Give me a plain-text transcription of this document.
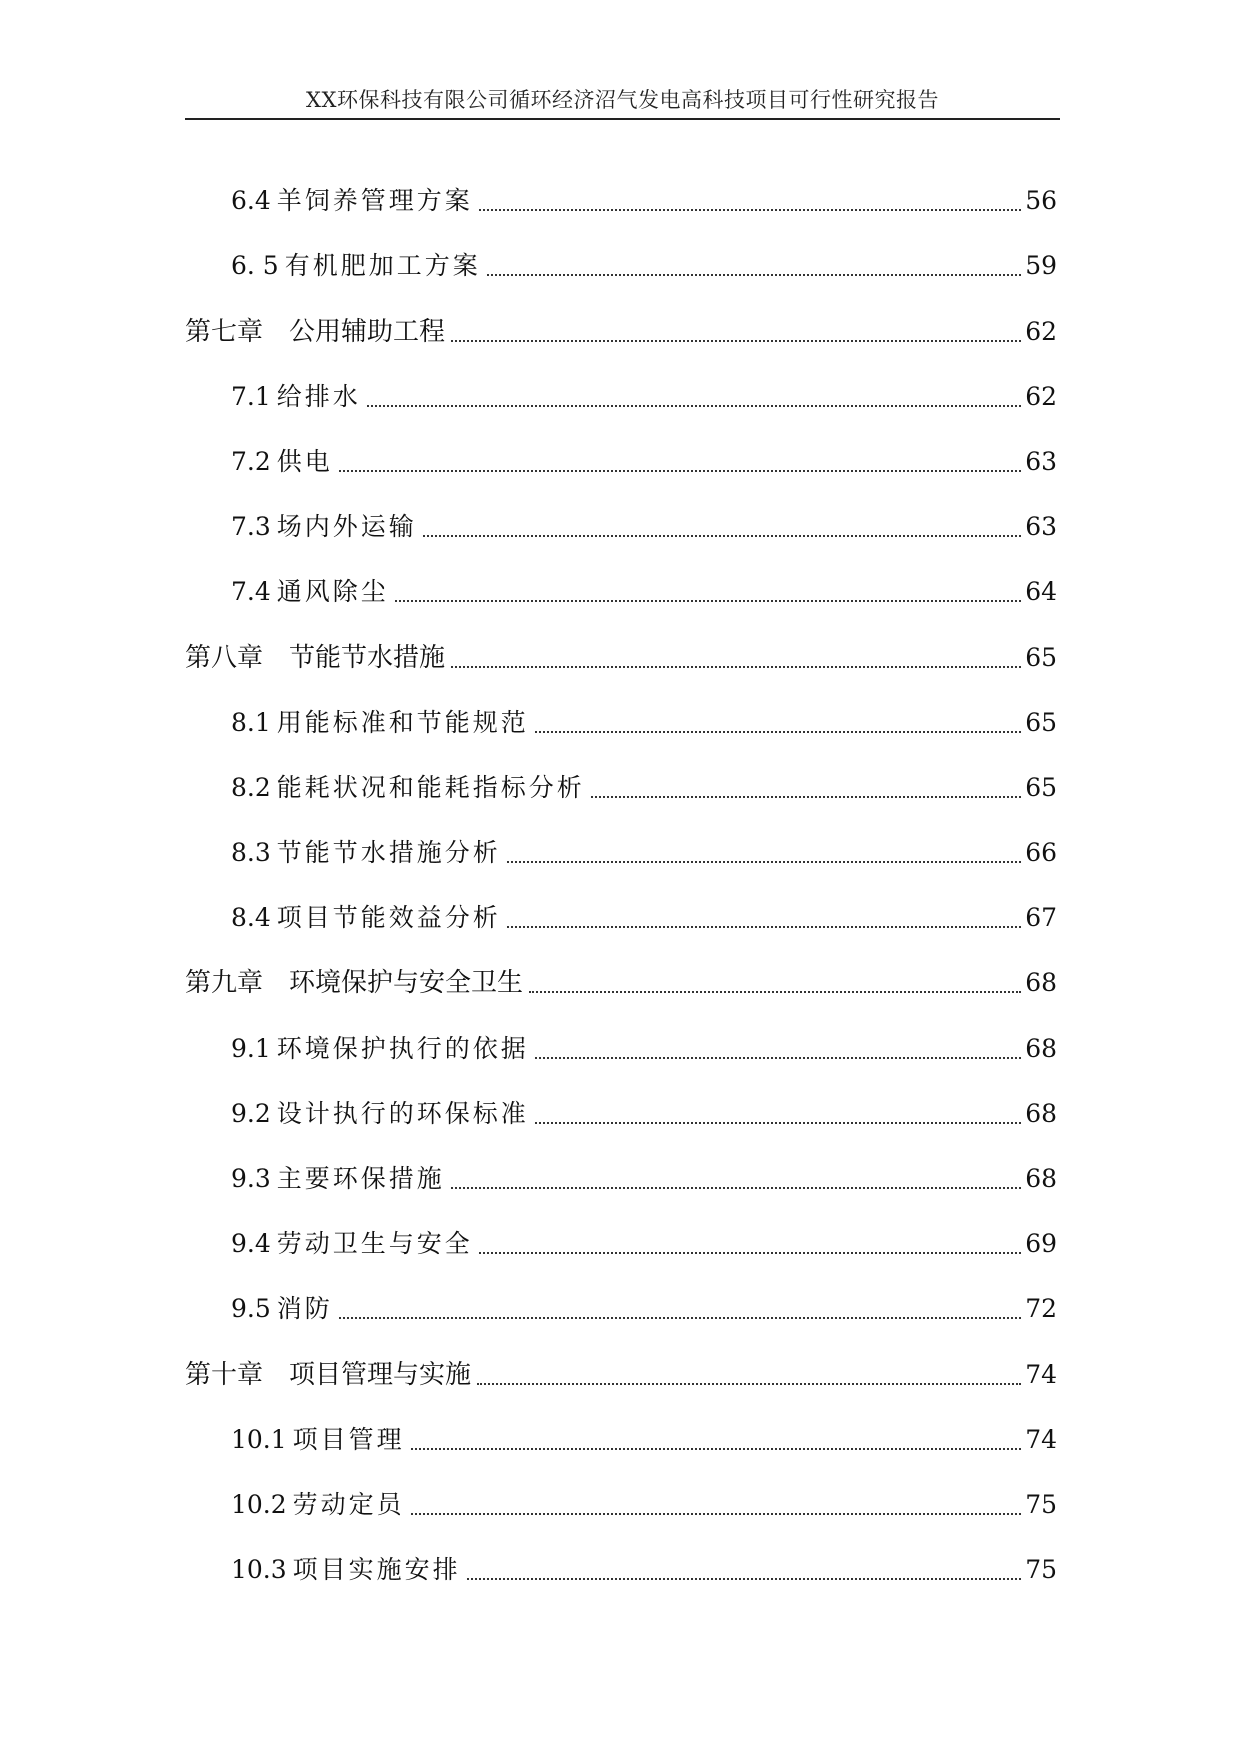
XX环保科技有限公司循环经济沼气发电高科技项目可行性研究报告
6.4 羊饲养管理方案	56
6. 5 有机肥加工方案	59
第七章 公用辅助工程	62
7.1 给排水	62
7.2 供电	63
7.3 场内外运输	63
7.4 通风除尘	64
第八章 节能节水措施	65
8.1 用能标准和节能规范	65
8.2 能耗状况和能耗指标分析	65
8.3 节能节水措施分析	66
8.4 项目节能效益分析	67
第九章 环境保护与安全卫生	68
9.1 环境保护执行的依据	68
9.2 设计执行的环保标准	68
9.3 主要环保措施	68
9.4 劳动卫生与安全	69
9.5 消防	72
第十章 项目管理与实施	74
10.1 项目管理	74
10.2 劳动定员	75
10.3 项目实施安排	75
